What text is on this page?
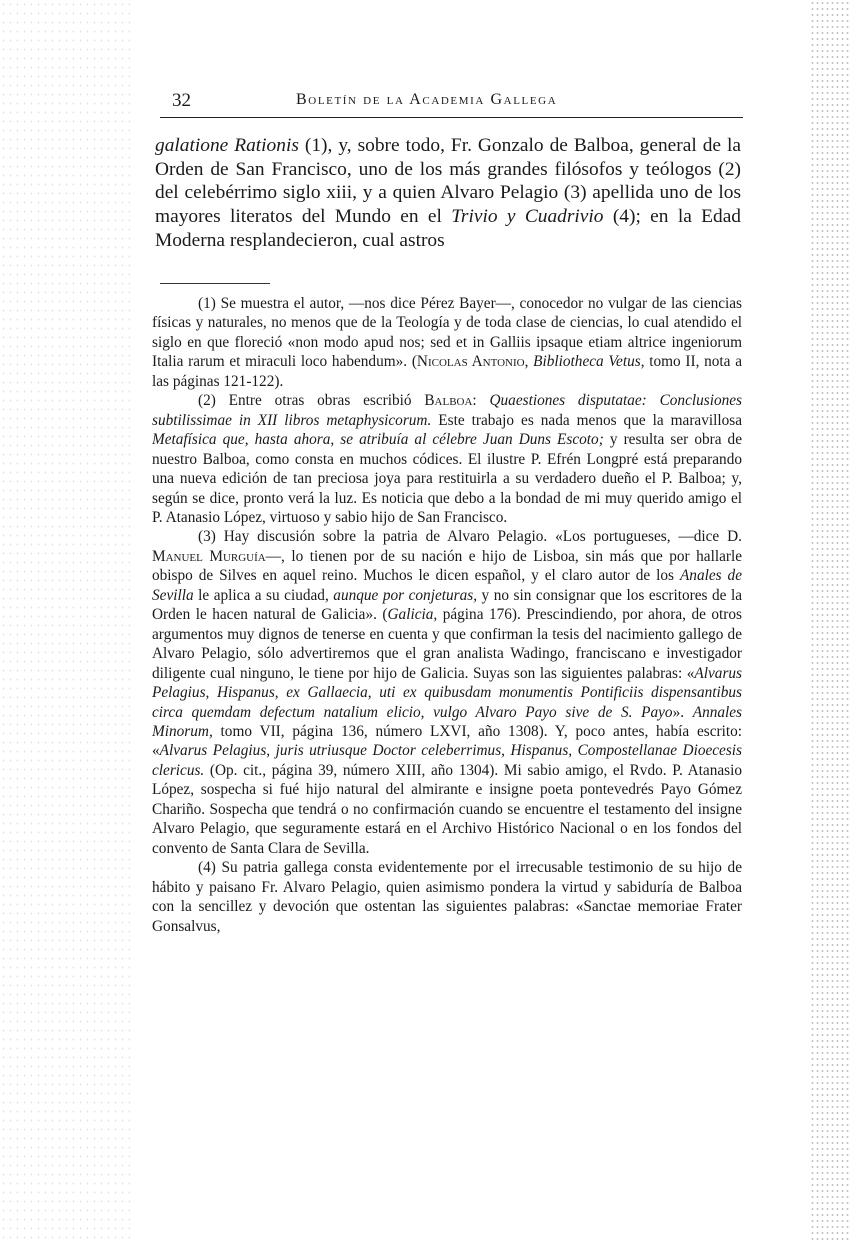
32	Boletín de la Academia Gallega

galatione Rationis (1), y, sobre todo, Fr. Gonzalo de Balboa, general de la Orden de San Francisco, uno de los más grandes filósofos y teólogos (2) del celebérrimo siglo xiii, y a quien Alvaro Pelagio (3) apellida uno de los mayores literatos del Mundo en el Trivio y Cuadrivio (4); en la Edad Moderna resplandecieron, cual astros

(1) Se muestra el autor, —nos dice Pérez Bayer—, conocedor no vulgar de las ciencias físicas y naturales, no menos que de la Teología y de toda clase de ciencias, lo cual atendido el siglo en que floreció «non modo apud nos; sed et in Galliis ipsaque etiam altrice ingeniorum Italia rarum et miraculi loco habendum». (Nicolas Antonio, Bibliotheca Vetus, tomo II, nota a las páginas 121-122).

(2) Entre otras obras escribió Balboa: Quaestiones disputatae: Conclusiones subtilissimae in XII libros metaphysicorum. Este trabajo es nada menos que la maravillosa Metafísica que, hasta ahora, se atribuía al célebre Juan Duns Escoto; y resulta ser obra de nuestro Balboa, como consta en muchos códices. El ilustre P. Efrén Longpré está preparando una nueva edición de tan preciosa joya para restituirla a su verdadero dueño el P. Balboa; y, según se dice, pronto verá la luz. Es noticia que debo a la bondad de mi muy querido amigo el P. Atanasio López, virtuoso y sabio hijo de San Francisco.

(3) Hay discusión sobre la patria de Alvaro Pelagio. «Los portugueses, —dice D. Manuel Murguía—, lo tienen por de su nación e hijo de Lisboa, sin más que por hallarle obispo de Silves en aquel reino. Muchos le dicen español, y el claro autor de los Anales de Sevilla le aplica a su ciudad, aunque por conjeturas, y no sin consignar que los escritores de la Orden le hacen natural de Galicia». (Galicia, página 176). Prescindiendo, por ahora, de otros argumentos muy dignos de tenerse en cuenta y que confirman la tesis del nacimiento gallego de Alvaro Pelagio, sólo advertiremos que el gran analista Wadingo, franciscano e investigador diligente cual ninguno, le tiene por hijo de Galicia. Suyas son las siguientes palabras: «Alvarus Pelagius, Hispanus, ex Gallaecia, uti ex quibusdam monumentis Pontificiis dispensantibus circa quemdam defectum natalium elicio, vulgo Alvaro Payo sive de S. Payo». Annales Minorum, tomo VII, página 136, número LXVI, año 1308). Y, poco antes, había escrito: «Alvarus Pelagius, juris utriusque Doctor celeberrimus, Hispanus, Compostellanae Dioecesis clericus. (Op. cit., página 39, número XIII, año 1304). Mi sabio amigo, el Rvdo. P. Atanasio López, sospecha si fué hijo natural del almirante e insigne poeta pontevedrés Payo Gómez Chariño. Sospecha que tendrá o no confirmación cuando se encuentre el testamento del insigne Alvaro Pelagio, que seguramente estará en el Archivo Histórico Nacional o en los fondos del convento de Santa Clara de Sevilla.

(4) Su patria gallega consta evidentemente por el irrecusable testimonio de su hijo de hábito y paisano Fr. Alvaro Pelagio, quien asimismo pondera la virtud y sabiduría de Balboa con la sencillez y devoción que ostentan las siguientes palabras: «Sanctae memoriae Frater Gonsalvus,
